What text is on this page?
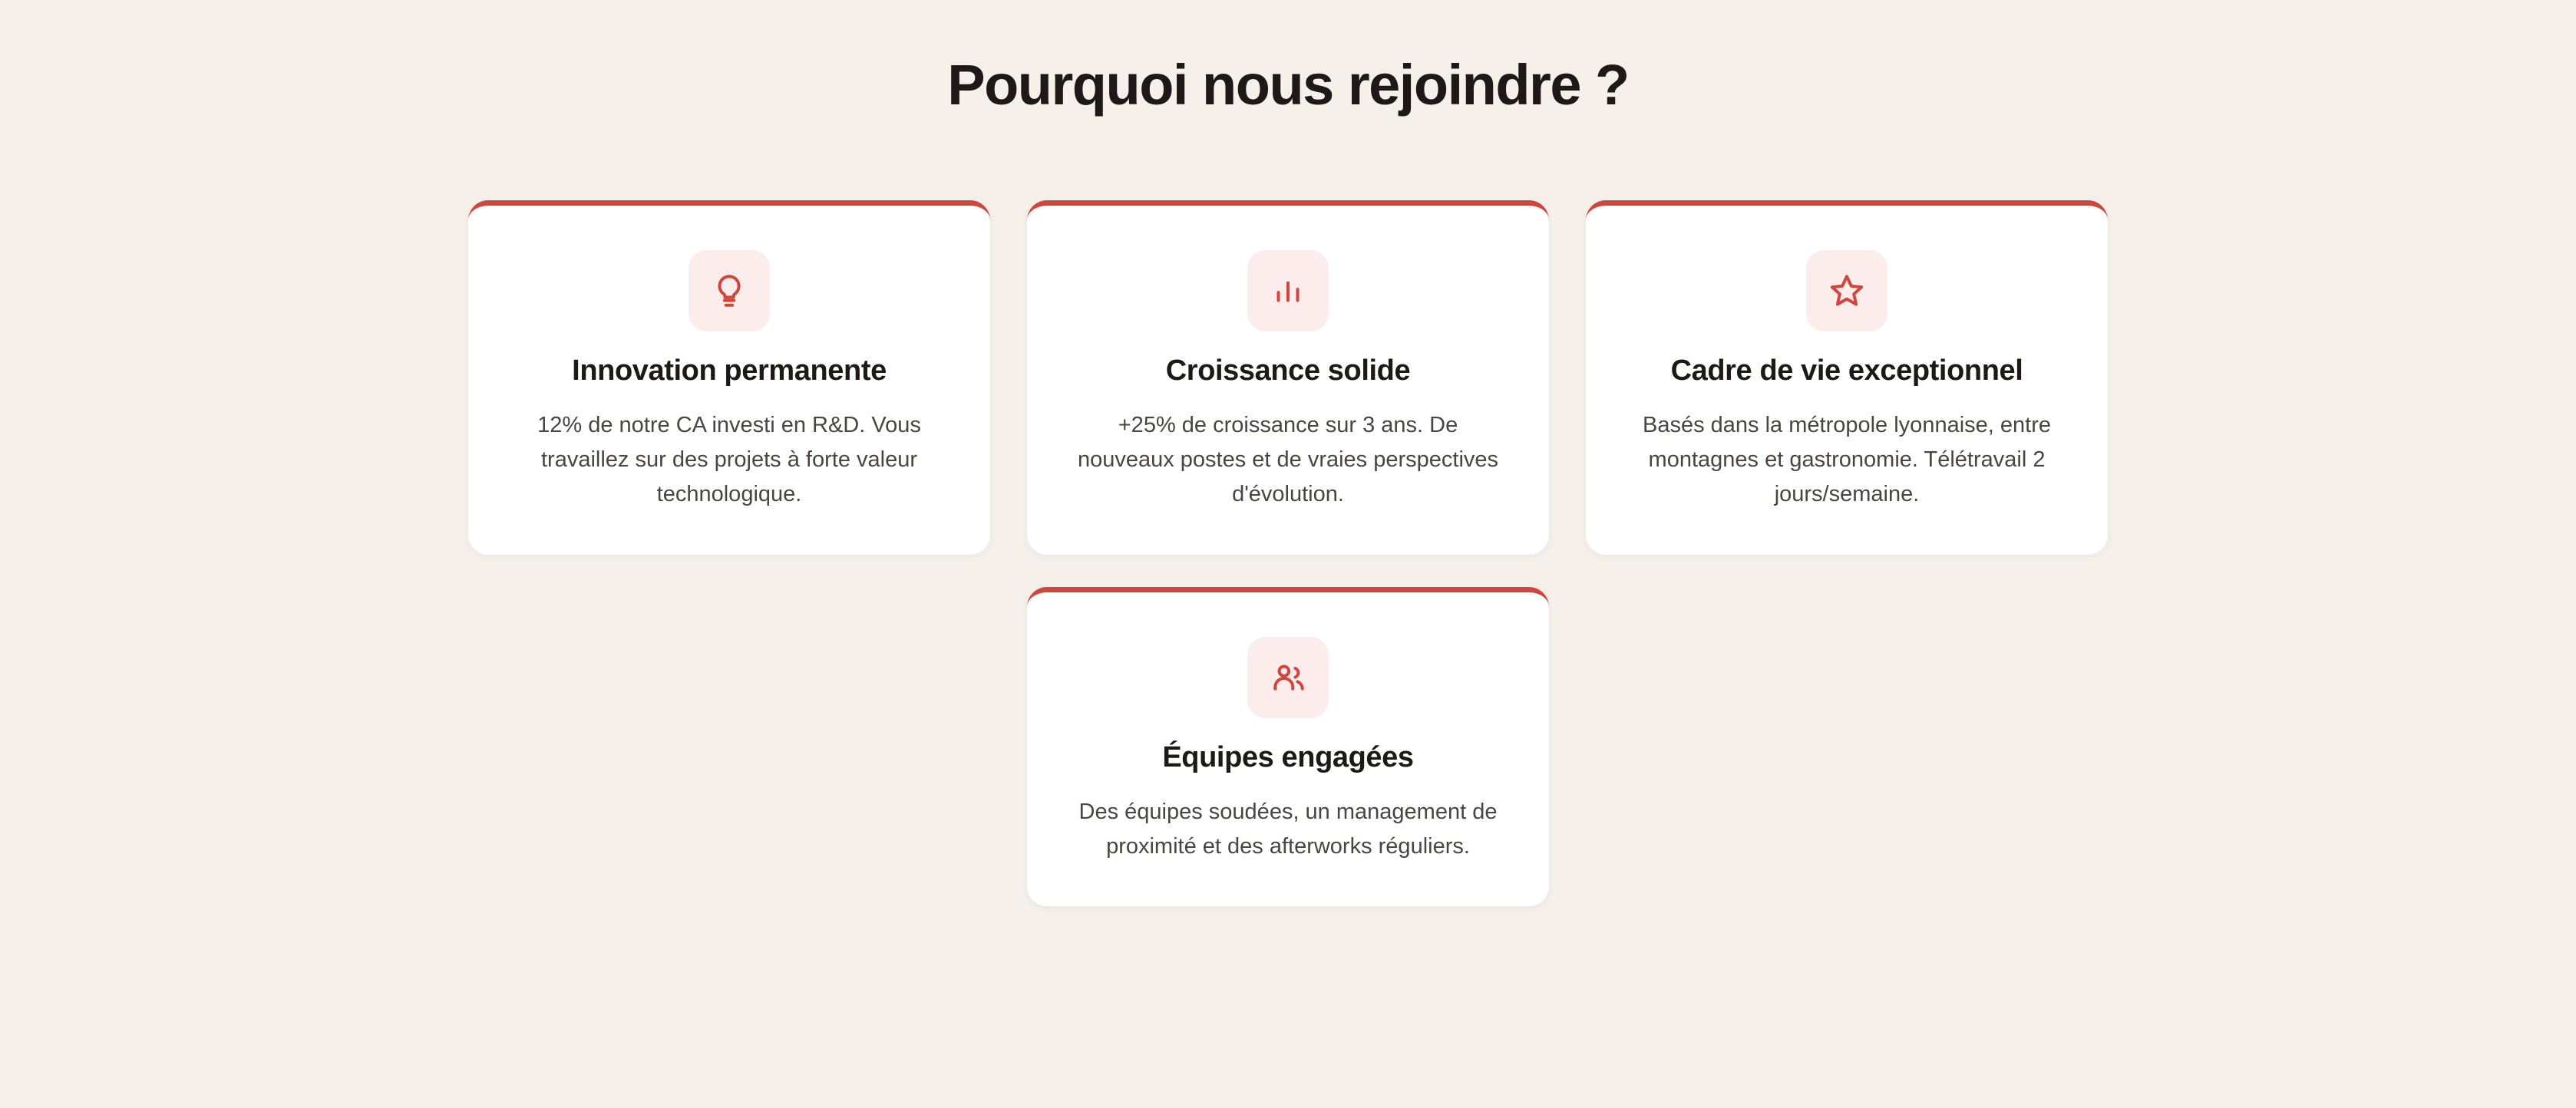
Pourquoi nous rejoindre ?
Innovation permanente

12% de notre CA investi en R&D. Vous travaillez sur des projets à forte valeur technologique.

Croissance solide

+25% de croissance sur 3 ans. De nouveaux postes et de vraies perspectives d'évolution.

Cadre de vie exceptionnel

Basés dans la métropole lyonnaise, entre montagnes et gastronomie. Télétravail 2 jours/semaine.

Équipes engagées

Des équipes soudées, un management de proximité et des afterworks réguliers.
